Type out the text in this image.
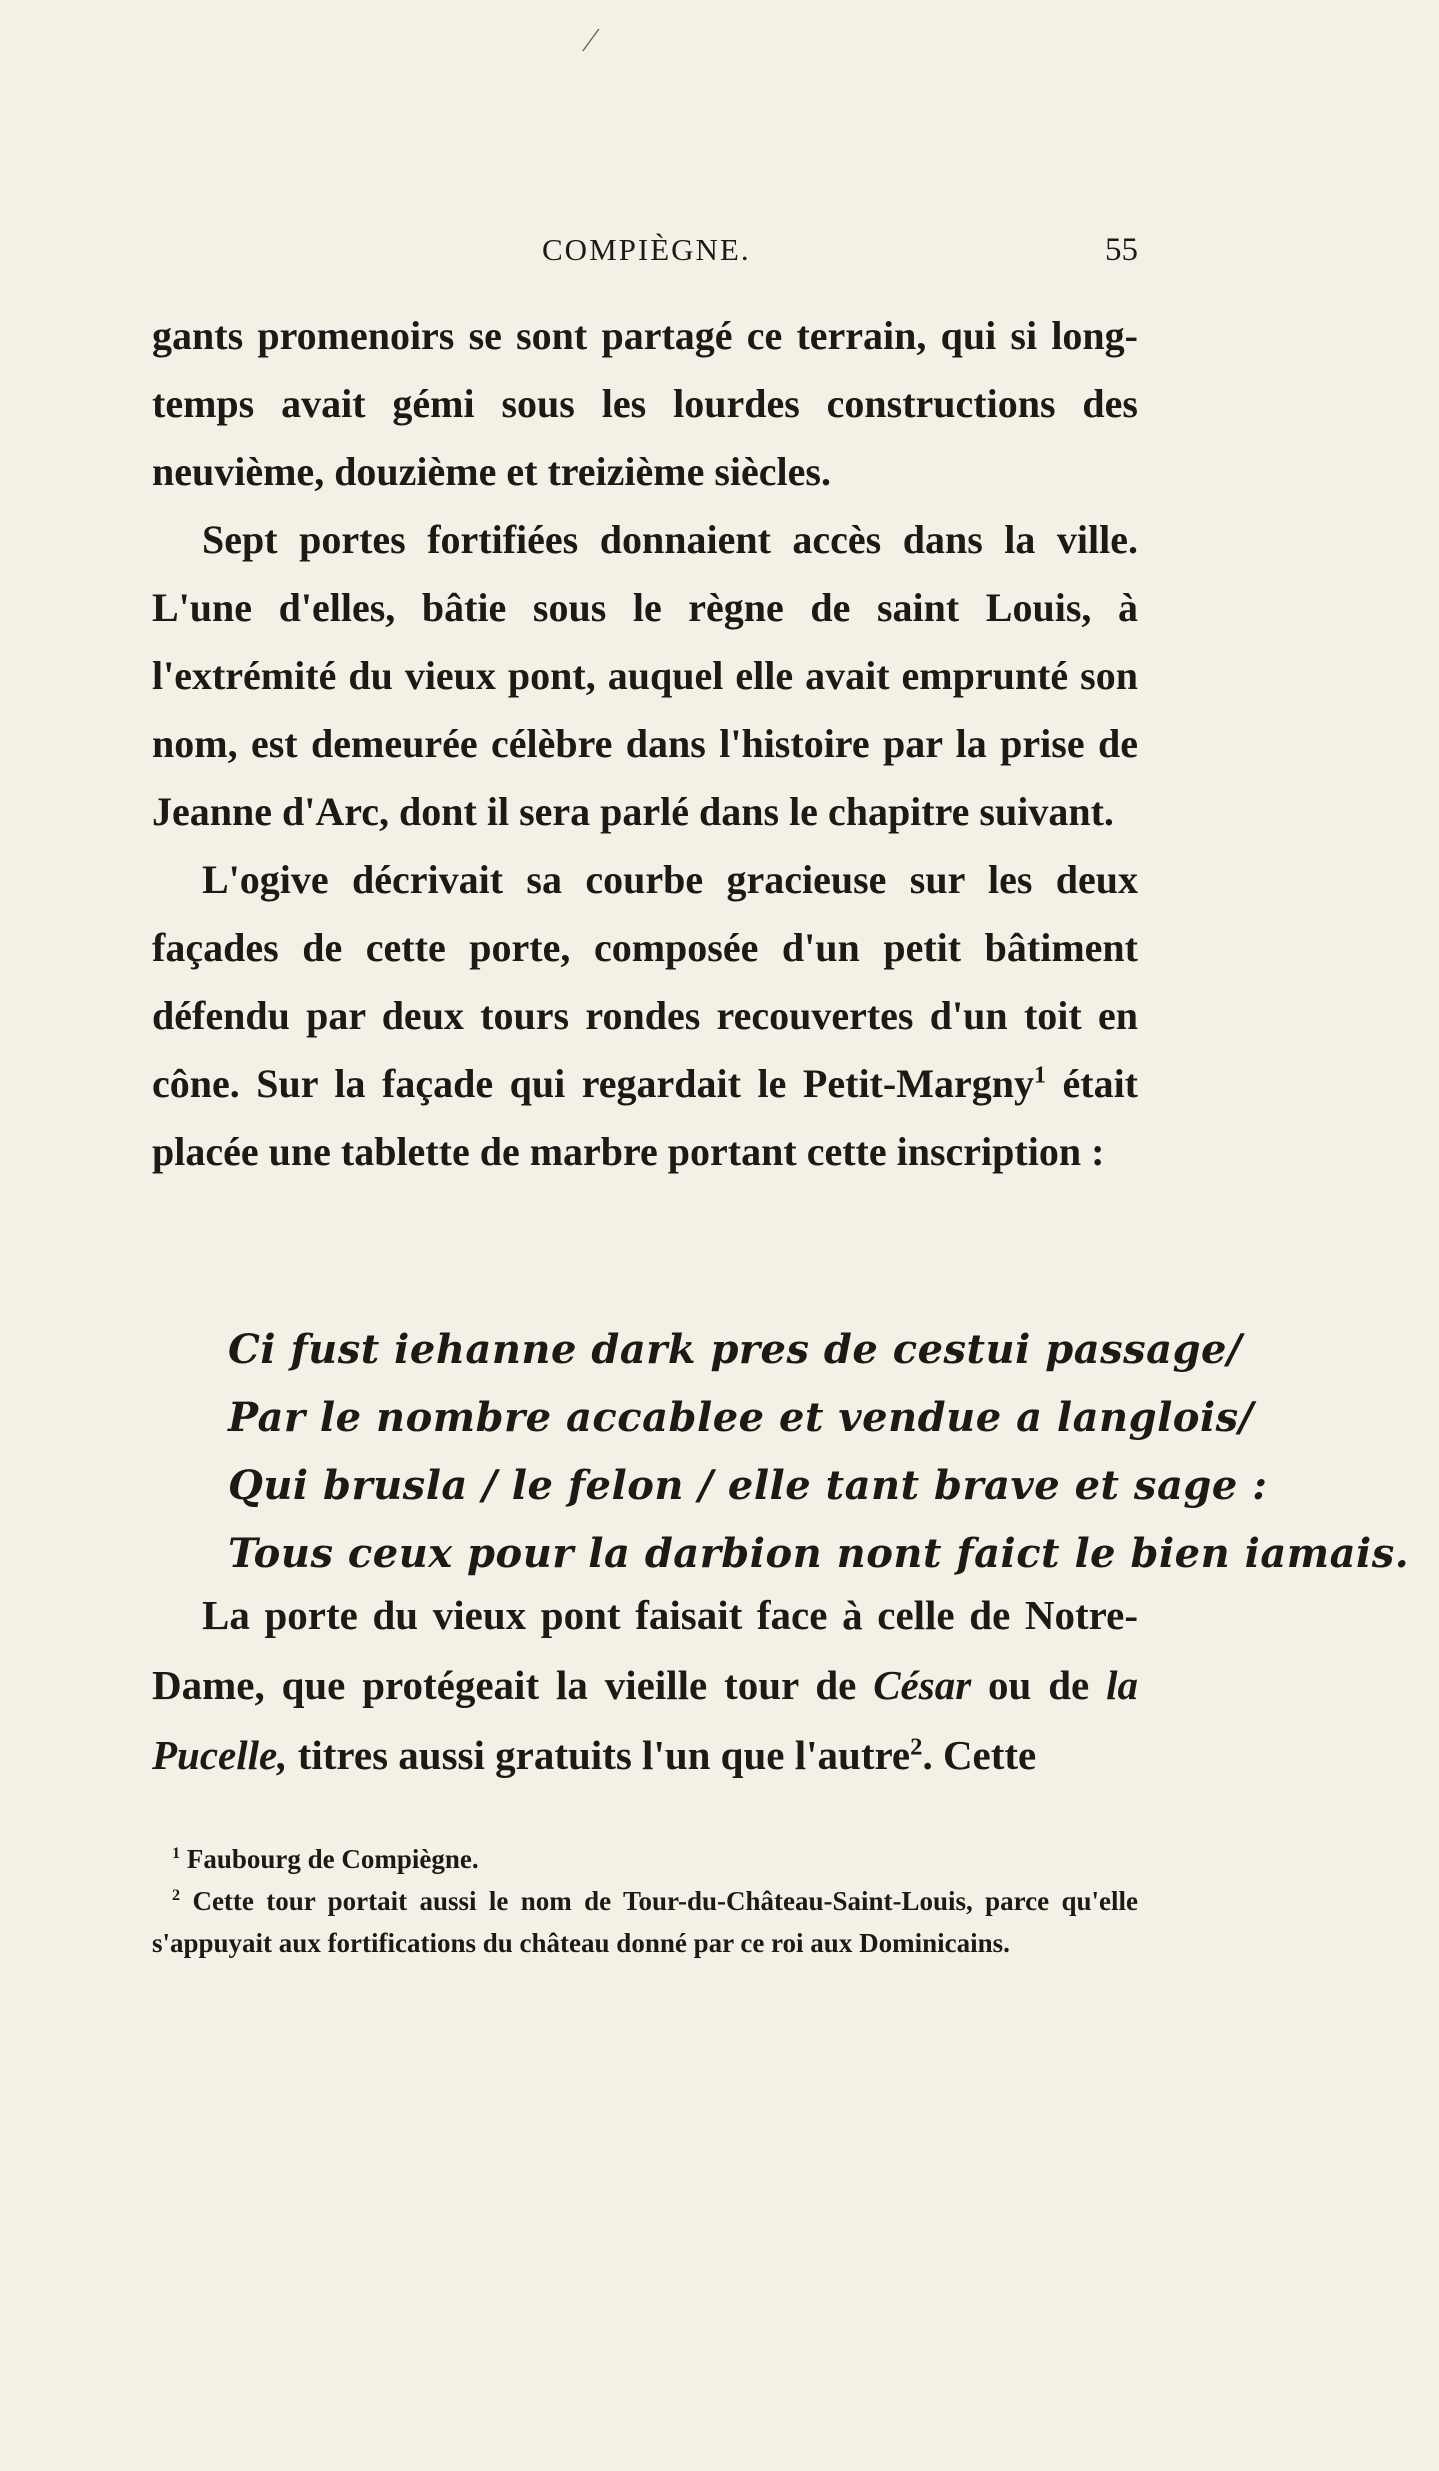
⁄
COMPIÈGNE.	55

gants promenoirs se sont partagé ce terrain, qui si long-temps avait gémi sous les lourdes constructions des neuvième, douzième et treizième siècles.

Sept portes fortifiées donnaient accès dans la ville. L'une d'elles, bâtie sous le règne de saint Louis, à l'extrémité du vieux pont, auquel elle avait emprunté son nom, est demeurée célèbre dans l'histoire par la prise de Jeanne d'Arc, dont il sera parlé dans le chapitre suivant.

L'ogive décrivait sa courbe gracieuse sur les deux façades de cette porte, composée d'un petit bâtiment défendu par deux tours rondes recouvertes d'un toit en cône. Sur la façade qui regardait le Petit-Margny$^1$ était placée une tablette de marbre portant cette inscription :

Ci fust iehanne dark pres de cestui passage/
Par le nombre accablee et vendue a langlois/
Qui brusla / le felon / elle tant brave et sage :
Tous ceux pour la darbion nont faict le bien iamais.

La porte du vieux pont faisait face à celle de Notre-Dame, que protégeait la vieille tour de César ou de la Pucelle, titres aussi gratuits l'un que l'autre$^2$. Cette

$^1$ Faubourg de Compiègne.

$^2$ Cette tour portait aussi le nom de Tour-du-Château-Saint-Louis, parce qu'elle s'appuyait aux fortifications du château donné par ce roi aux Dominicains.
